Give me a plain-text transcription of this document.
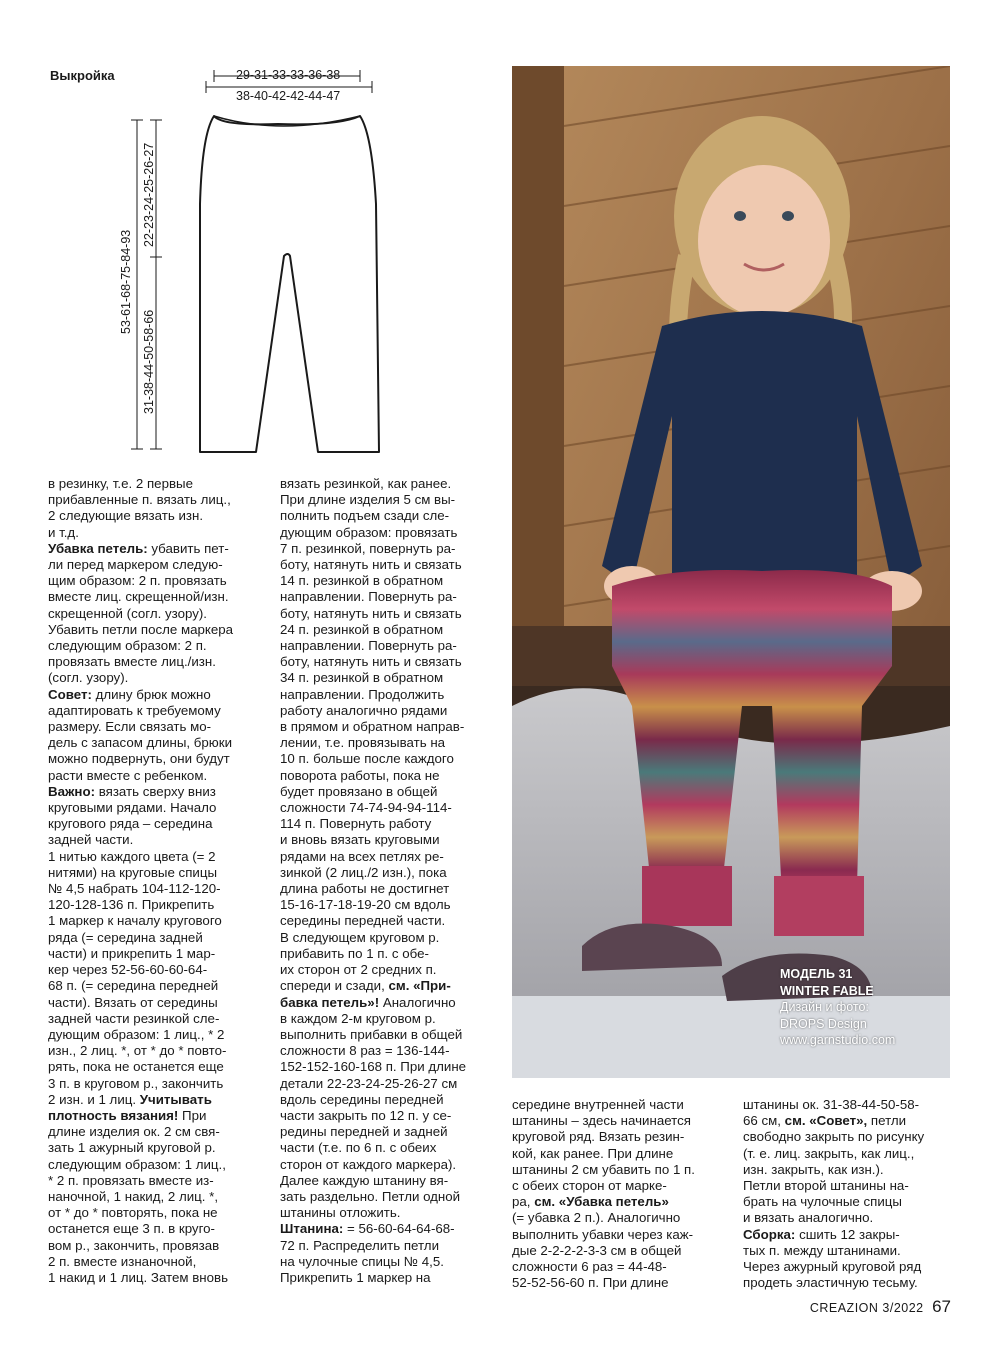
Выкройка	29-31-33-33-36-38
38-40-42-42-44-47
53-61-68-75-84-93
22-23-24-25-26-27
31-38-44-50-58-66

в резинку, т.е. 2 первые

прибавленные п. вязать лиц.,

2 следующие вязать изн.

и т.д.

Убавка петель: убавить пет-

ли перед маркером следую-

щим образом: 2 п. провязать

вместе лиц. скрещенной/изн.

скрещенной (согл. узору).

Убавить петли после маркера

следующим образом: 2 п.

провязать вместе лиц./изн.

(согл. узору).

Совет: длину брюк можно

адаптировать к требуемому

размеру. Если связать мо-

дель с запасом длины, брюки

можно подвернуть, они будут

расти вместе с ребенком.

Важно: вязать сверху вниз

круговыми рядами. Начало

кругового ряда – середина

задней части.

1 нитью каждого цвета (= 2

нитями) на круговые спицы

№ 4,5 набрать 104-112-120-

120-128-136 п. Прикрепить

1 маркер к началу кругового

ряда (= середина задней

части) и прикрепить 1 мар-

кер через 52-56-60-60-64-

68 п. (= середина передней

части). Вязать от середины

задней части резинкой сле-

дующим образом: 1 лиц., * 2

изн., 2 лиц. *, от * до * повто-

рять, пока не останется еще

3 п. в круговом р., закончить

2 изн. и 1 лиц. Учитывать

плотность вязания! При

длине изделия ок. 2 см свя-

зать 1 ажурный круговой р.

следующим образом: 1 лиц.,

* 2 п. провязать вместе из-

наночной, 1 накид, 2 лиц. *,

от * до * повторять, пока не

останется еще 3 п. в круго-

вом р., закончить, провязав

2 п. вместе изнаночной,

1 накид и 1 лиц. Затем вновь

вязать резинкой, как ранее.

При длине изделия 5 см вы-

полнить подъем сзади сле-

дующим образом: провязать

7 п. резинкой, повернуть ра-

боту, натянуть нить и связать

14 п. резинкой в обратном

направлении. Повернуть ра-

боту, натянуть нить и связать

24 п. резинкой в обратном

направлении. Повернуть ра-

боту, натянуть нить и связать

34 п. резинкой в обратном

направлении. Продолжить

работу аналогично рядами

в прямом и обратном направ-

лении, т.е. провязывать на

10 п. больше после каждого

поворота работы, пока не

будет провязано в общей

сложности 74-74-94-94-114-

114 п. Повернуть работу

и вновь вязать круговыми

рядами на всех петлях ре-

зинкой (2 лиц./2 изн.), пока

длина работы не достигнет

15-16-17-18-19-20 см вдоль

середины передней части.

В следующем круговом р.

прибавить по 1 п. с обе-

их сторон от 2 средних п.

спереди и сзади, см. «При-

бавка петель»! Аналогично

в каждом 2-м круговом р.

выполнить прибавки в общей

сложности 8 раз = 136-144-

152-152-160-168 п. При длине

детали 22-23-24-25-26-27 см

вдоль середины передней

части закрыть по 12 п. у се-

редины передней и задней

части (т.е. по 6 п. с обеих

сторон от каждого маркера).

Далее каждую штанину вя-

зать раздельно. Петли одной

штанины отложить.

Штанина: = 56-60-64-64-68-

72 п. Распределить петли

на чулочные спицы № 4,5.

Прикрепить 1 маркер на

МОДЕЛЬ 31
WINTER FABLE
Дизайн и фото:
DROPS Design
www.garnstudio.com

середине внутренней части

штанины – здесь начинается

круговой ряд. Вязать резин-

кой, как ранее. При длине

штанины 2 см убавить по 1 п.

с обеих сторон от марке-

ра, см. «Убавка петель»

(= убавка 2 п.). Аналогично

выполнить убавки через каж-

дые 2-2-2-2-3-3 см в общей

сложности 6 раз = 44-48-

52-52-56-60 п. При длине

штанины ок. 31-38-44-50-58-

66 см, см. «Совет», петли

свободно закрыть по рисунку

(т. е. лиц. закрыть, как лиц.,

изн. закрыть, как изн.).

Петли второй штанины на-

брать на чулочные спицы

и вязать аналогично.

Сборка: сшить 12 закры-

тых п. между штанинами.

Через ажурный круговой ряд

продеть эластичную тесьму.

CREAZION 3/2022 67
